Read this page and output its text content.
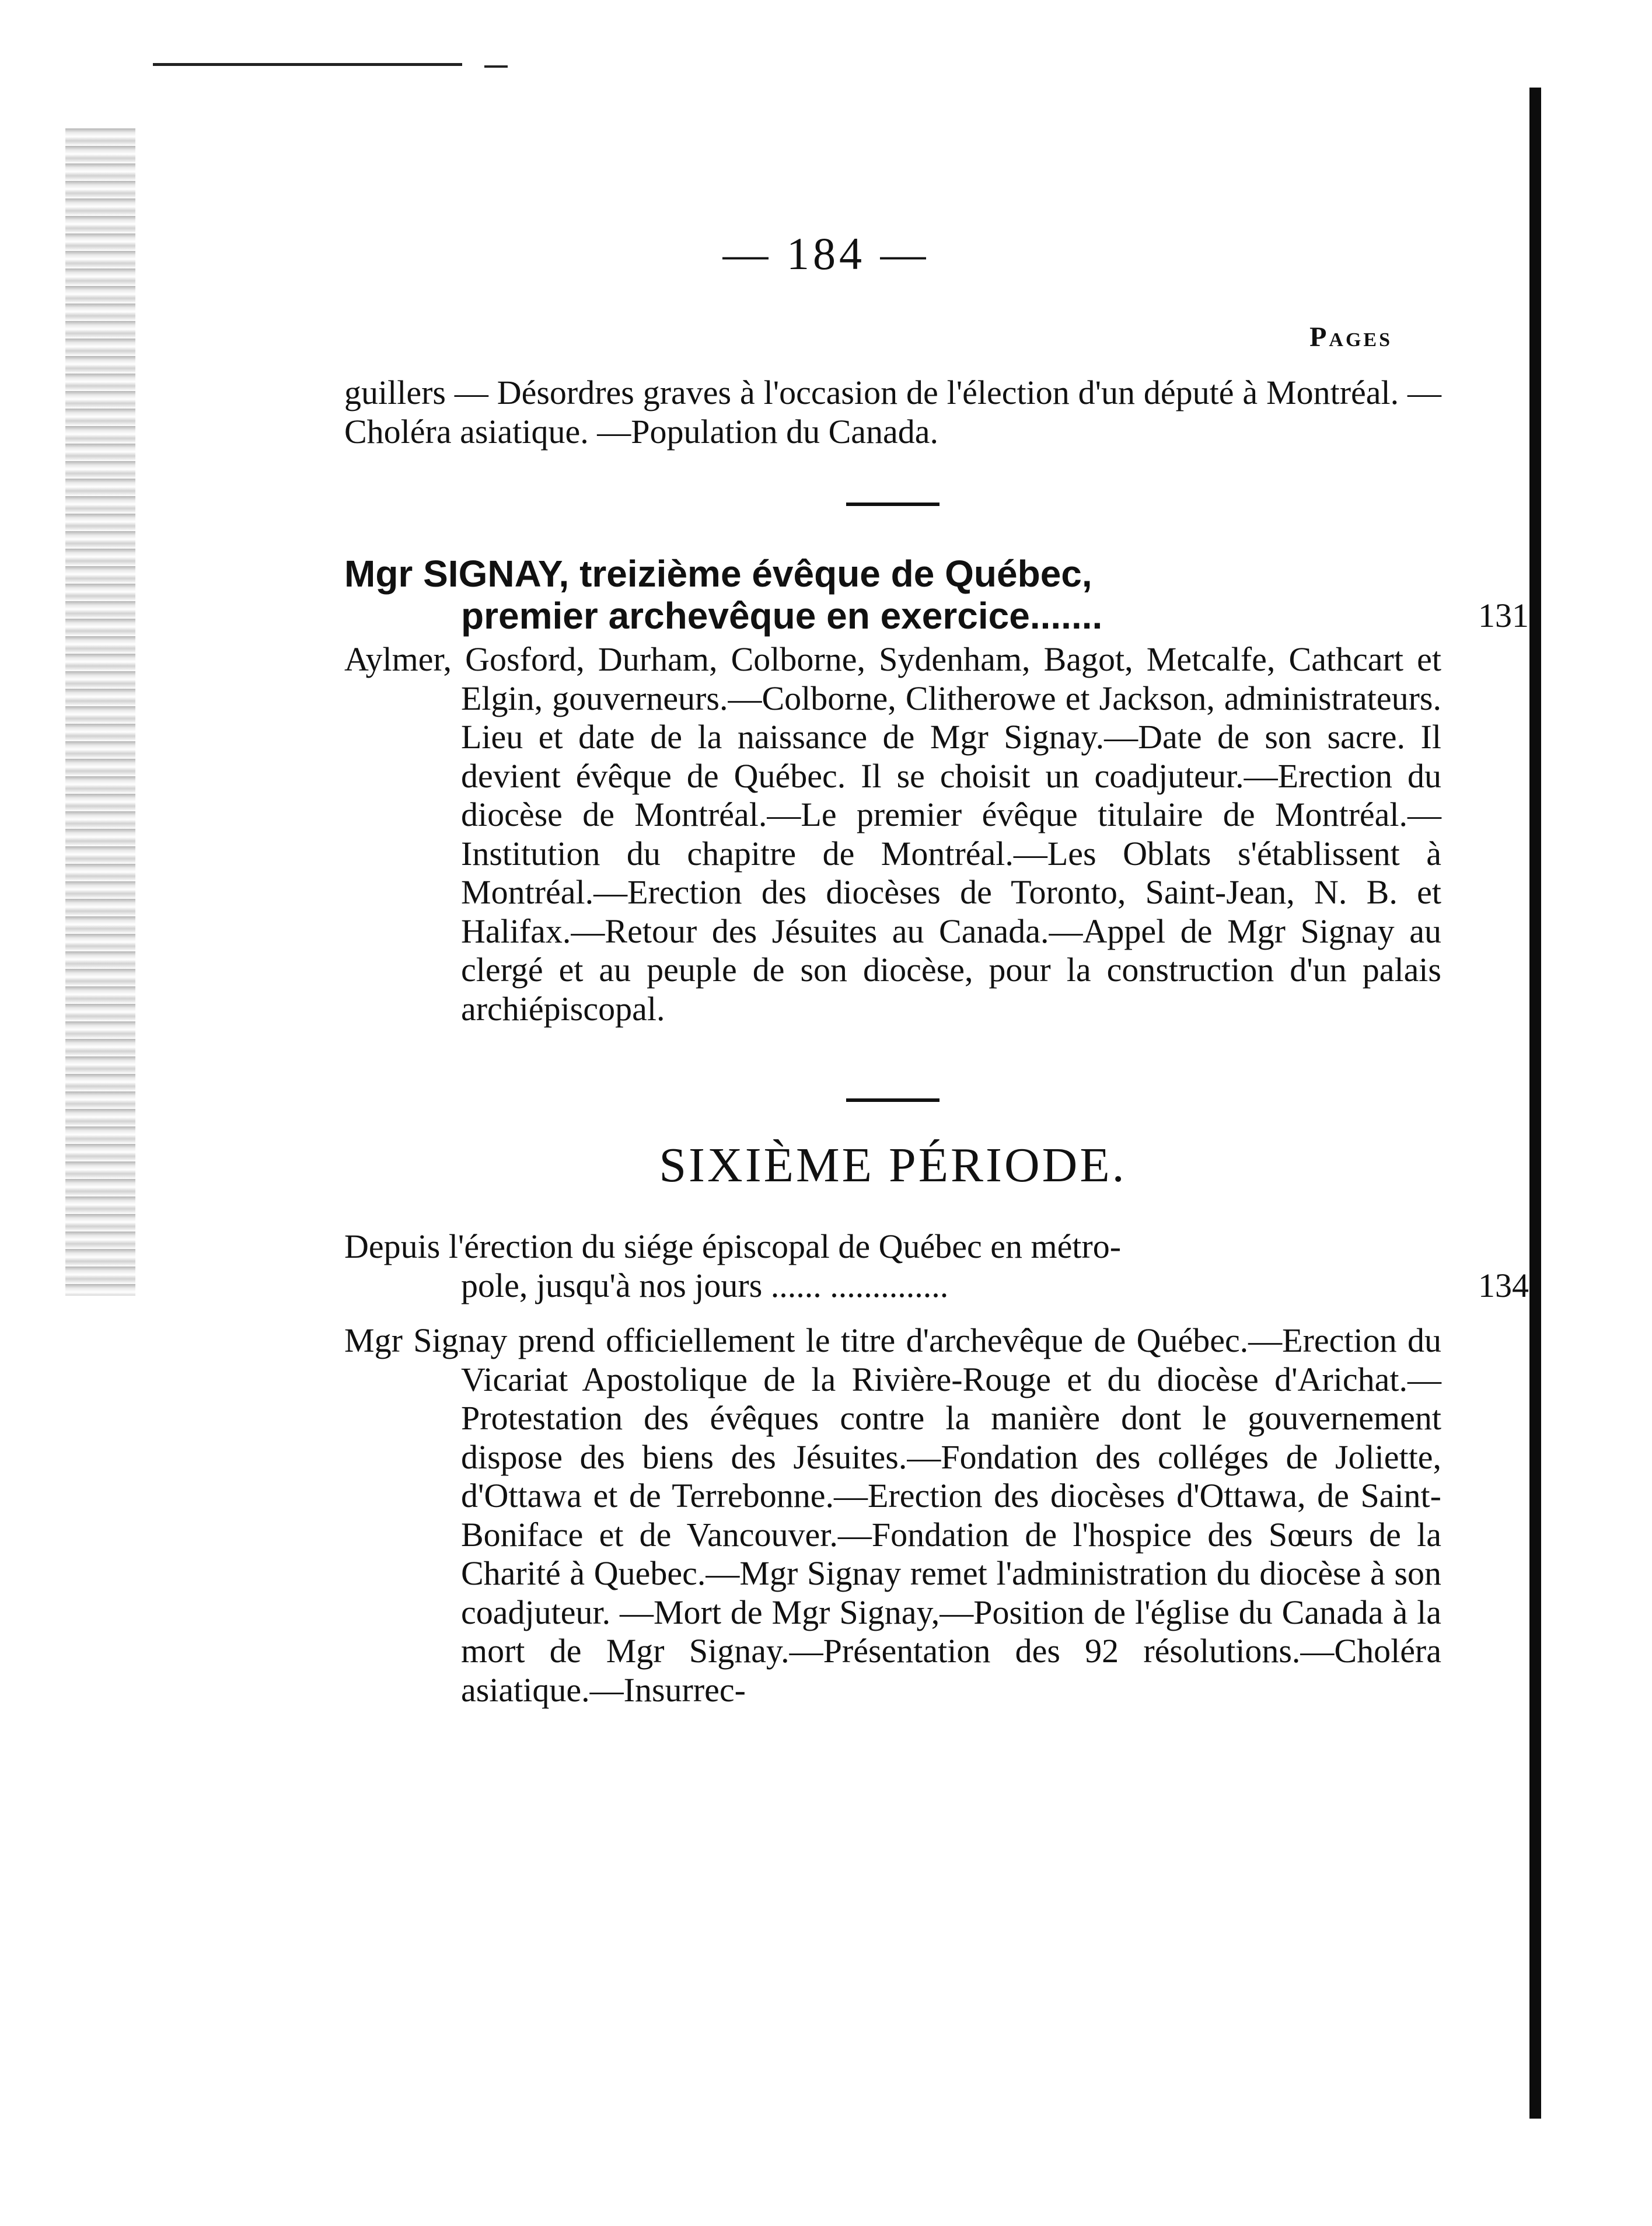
— 184 —
Pages

guillers — Désordres graves à l'occasion de l'élection d'un député à Montréal. —Choléra asiatique. —Population du Canada.

Mgr SIGNAY, treizième évêque de Québec,
premier archevêque en exercice.......	131

Aylmer, Gosford, Durham, Colborne, Sydenham, Bagot, Metcalfe, Cathcart et Elgin, gouverneurs.—Colborne, Clitherowe et Jackson, administrateurs. Lieu et date de la naissance de Mgr Signay.—Date de son sacre. Il devient évêque de Québec. Il se choisit un coadjuteur.—Erection du diocèse de Montréal.—Le premier évêque titulaire de Montréal.—Institution du chapitre de Montréal.—Les Oblats s'établissent à Montréal.—Erection des diocèses de Toronto, Saint-Jean, N. B. et Halifax.—Retour des Jésuites au Canada.—Appel de Mgr Signay au clergé et au peuple de son diocèse, pour la construction d'un palais archiépiscopal.

SIXIÈME PÉRIODE.
Depuis l'érection du siége épiscopal de Québec en métro-
pole, jusqu'à nos jours ...... ..............	134

Mgr Signay prend officiellement le titre d'archevêque de Québec.—Erection du Vicariat Apostolique de la Rivière-Rouge et du diocèse d'Arichat.—Protestation des évêques contre la manière dont le gouvernement dispose des biens des Jésuites.—Fondation des colléges de Joliette, d'Ottawa et de Terrebonne.—Erection des diocèses d'Ottawa, de Saint-Boniface et de Vancouver.—Fondation de l'hospice des Sœurs de la Charité à Quebec.—Mgr Signay remet l'administration du diocèse à son coadjuteur. —Mort de Mgr Signay,—Position de l'église du Canada à la mort de Mgr Signay.—Présentation des 92 résolutions.—Choléra asiatique.—Insurrec-
